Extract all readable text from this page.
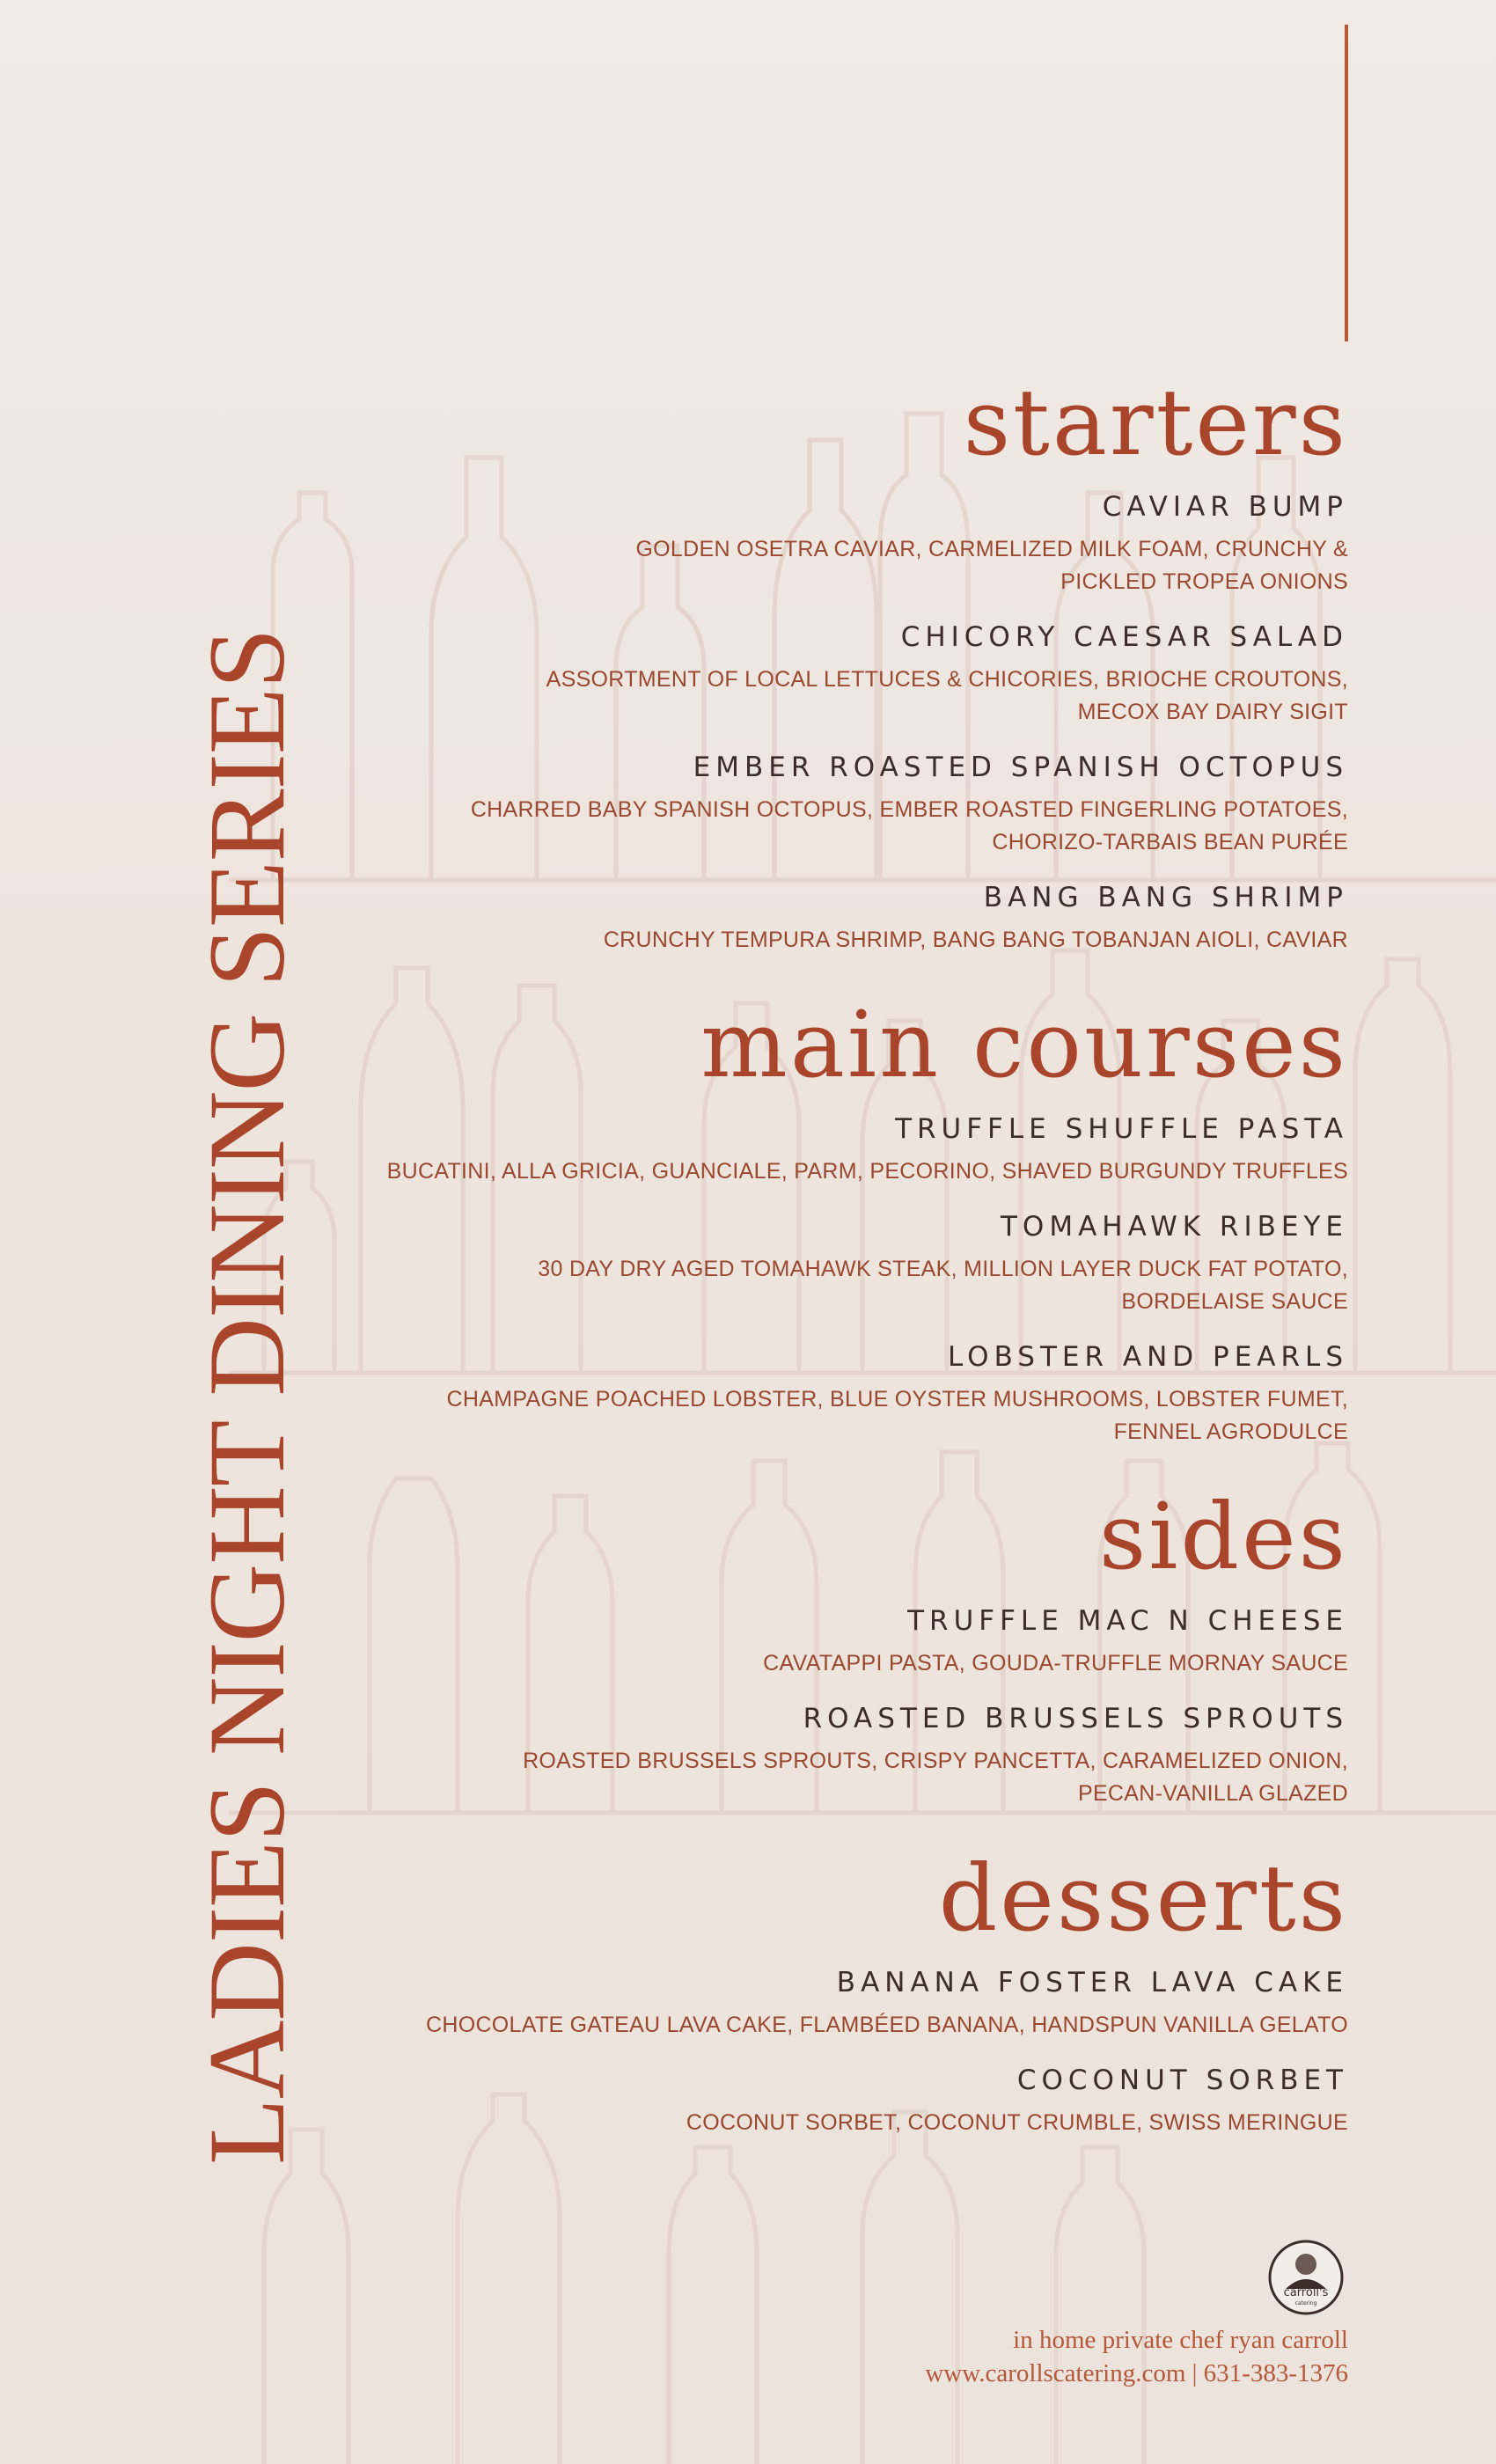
LADIES NIGHT DINING SERIES
starters

CAVIAR BUMP

GOLDEN OSETRA CAVIAR, CARMELIZED MILK FOAM, CRUNCHY &
PICKLED TROPEA ONIONS

CHICORY CAESAR SALAD

ASSORTMENT OF LOCAL LETTUCES & CHICORIES, BRIOCHE CROUTONS,
MECOX BAY DAIRY SIGIT

EMBER ROASTED SPANISH OCTOPUS

CHARRED BABY SPANISH OCTOPUS, EMBER ROASTED FINGERLING POTATOES,
CHORIZO-TARBAIS BEAN PURÉE

BANG BANG SHRIMP

CRUNCHY TEMPURA SHRIMP, BANG BANG TOBANJAN AIOLI, CAVIAR

main courses

TRUFFLE SHUFFLE PASTA

BUCATINI, ALLA GRICIA, GUANCIALE, PARM, PECORINO, SHAVED BURGUNDY TRUFFLES

TOMAHAWK RIBEYE

30 DAY DRY AGED TOMAHAWK STEAK, MILLION LAYER DUCK FAT POTATO,
BORDELAISE SAUCE

LOBSTER AND PEARLS

CHAMPAGNE POACHED LOBSTER, BLUE OYSTER MUSHROOMS, LOBSTER FUMET,
FENNEL AGRODULCE

sides

TRUFFLE MAC N CHEESE

CAVATAPPI PASTA, GOUDA-TRUFFLE MORNAY SAUCE

ROASTED BRUSSELS SPROUTS

ROASTED BRUSSELS SPROUTS, CRISPY PANCETTA, CARAMELIZED ONION,
PECAN-VANILLA GLAZED

desserts

BANANA FOSTER LAVA CAKE

CHOCOLATE GATEAU LAVA CAKE, FLAMBÉED BANANA, HANDSPUN VANILLA GELATO

COCONUT SORBET

COCONUT SORBET, COCONUT CRUMBLE, SWISS MERINGUE

carroll's
catering
in home private chef ryan carroll
www.carollscatering.com | 631-383-1376
